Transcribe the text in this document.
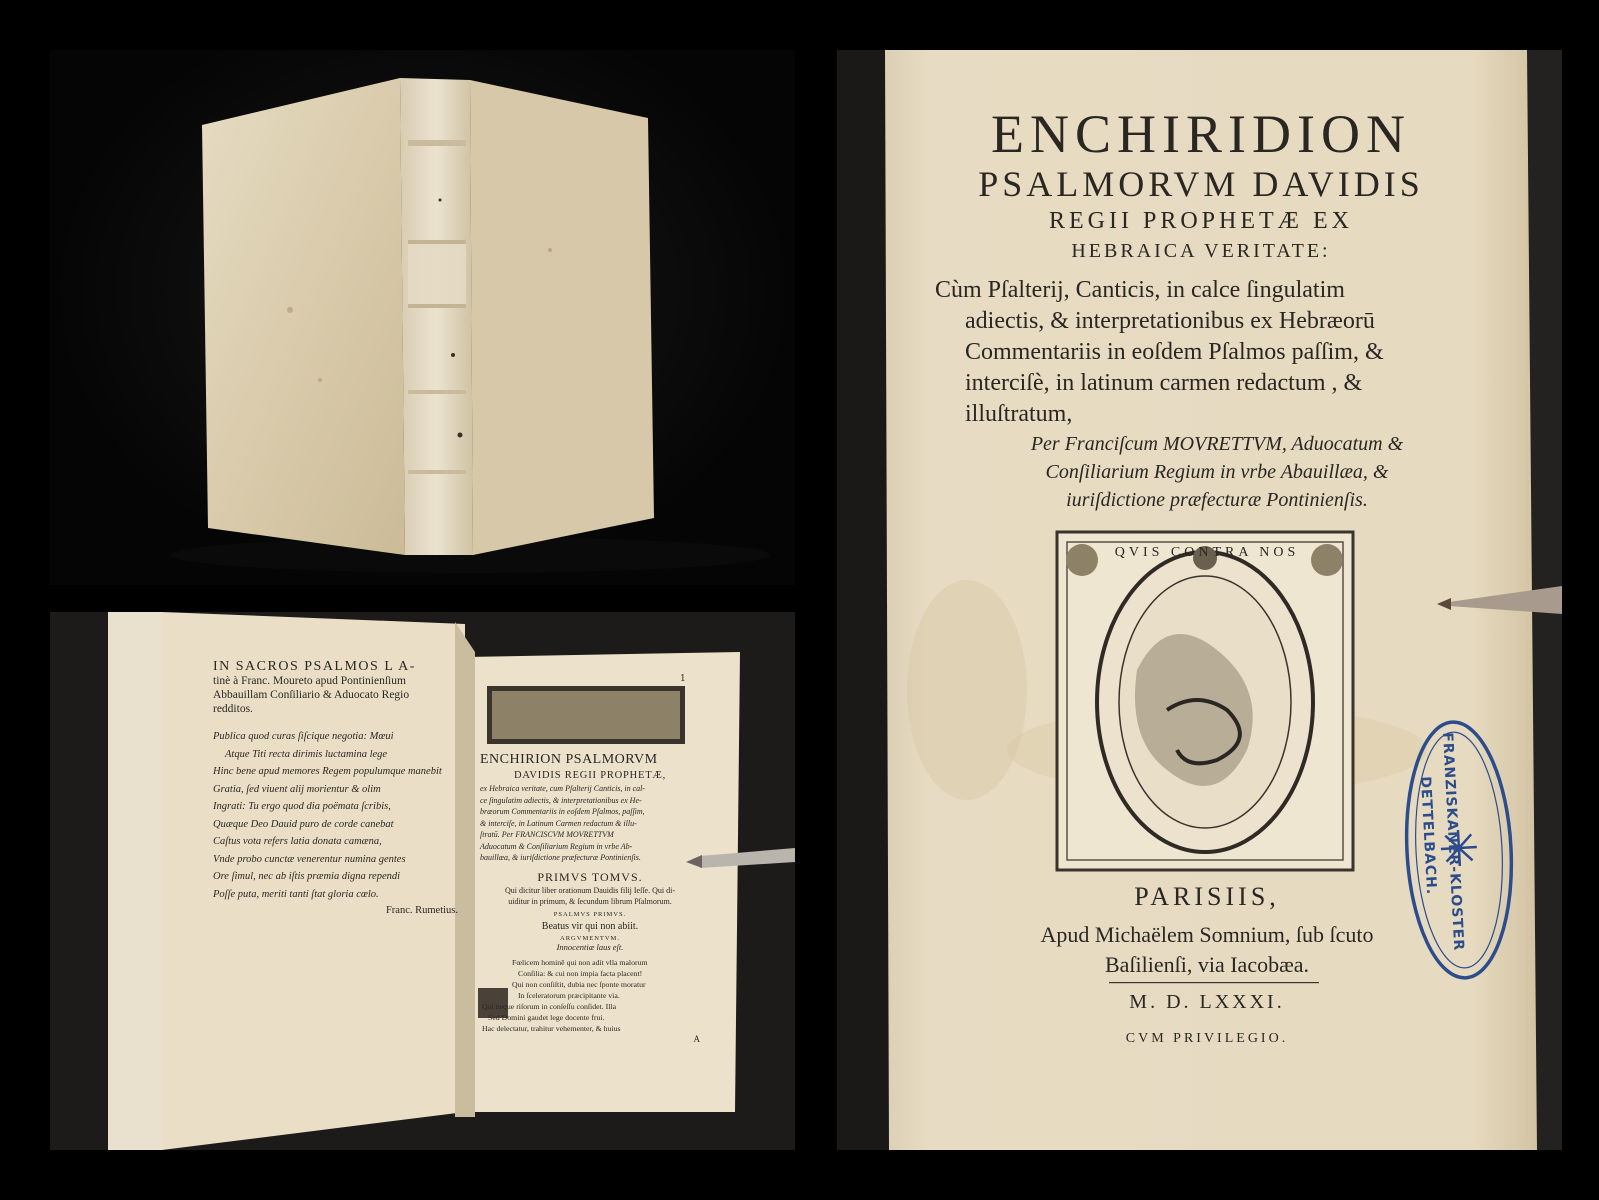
IN SACROS PSALMOS L A-
tinè à Franc. Moureto apud Pontinienſium
Abbauillam Conſiliario & Aduocato Regio
redditos.
Publica quod curas ſiſcique negotia: Mœui
Atque Titi recta dirimis luctamina lege
Hinc bene apud memores Regem populumque manebit
Gratia, ſed viuent alij morientur & olim
Ingrati: Tu ergo quod dia poëmata ſcribis,
Quæque Deo Dauid puro de corde canebat
Caſtus vota refers latia donata camæna,
Vnde probo cunctæ venerentur numina gentes
Ore ſimul, nec ab iſtis præmia digna rependi
Poſſe puta, meriti tanti ſtat gloria cœlo.
Franc. Rumetius.
1
ENCHIRION PSALMORVM
DAVIDIS REGII PROPHETÆ,
ex Hebraica veritate, cum Pſalterij Canticis, in cal-
ce ſingulatim adiectis, & interpretationibus ex He-
bræorum Commentariis in eoſdem Pſalmos, paſſim,
& interciſe, in Latinum Carmen redactum & illu-
ſtratū. Per FRANCISCVM MOVRETTVM
Aduocatum & Conſiliarium Regium in vrbe Ab-
bauillæa, & iuriſdictione præfecturæ Pontinienſis.
PRIMVS TOMVS.
Qui dicitur liber orationum Dauidis filij Ieſſe. Qui di-
uiditur in primum, & ſecundum librum Pſalmorum.
PSALMVS PRIMVS.
Beatus vir qui non abiit.
ARGVMENTVM.
Innocentiæ laus eſt.
Fœlicem hominē qui non adit vlla malorum
Conſilia: & cui non impia facta placent!
Qui non conſiſtit, dubia nec ſponte moratur
In ſceleratorum præcipitante via.
Qui neque riſorum in conſeſſu conſidet. Illa
Sed Domini gaudet lege docente frui.
Hac delectatur, trahitur vehementer, & huius
A
ENCHIRIDION
PSALMORVM DAVIDIS
REGII PROPHETÆ EX
HEBRAICA VERITATE:
Cùm Pſalterij, Canticis, in calce ſingulatim
adiectis, & interpretationibus ex Hebræorū
Commentariis in eoſdem Pſalmos paſſim, &
interciſè, in latinum carmen redactum , &
illuſtratum,
Per Franciſcum MOVRETTVM, Aduocatum &
Conſiliarium Regium in vrbe Abauillæa, &
iuriſdictione præfecturæ Pontinienſis.
QVIS CONTRA NOS
FRANZISKANER-KLOSTER
DETTELBACH.
PARISIIS,
Apud Michaëlem Somnium, ſub ſcuto
Baſilienſi, via Iacobæa.
M. D. LXXXI.
CVM PRIVILEGIO.
